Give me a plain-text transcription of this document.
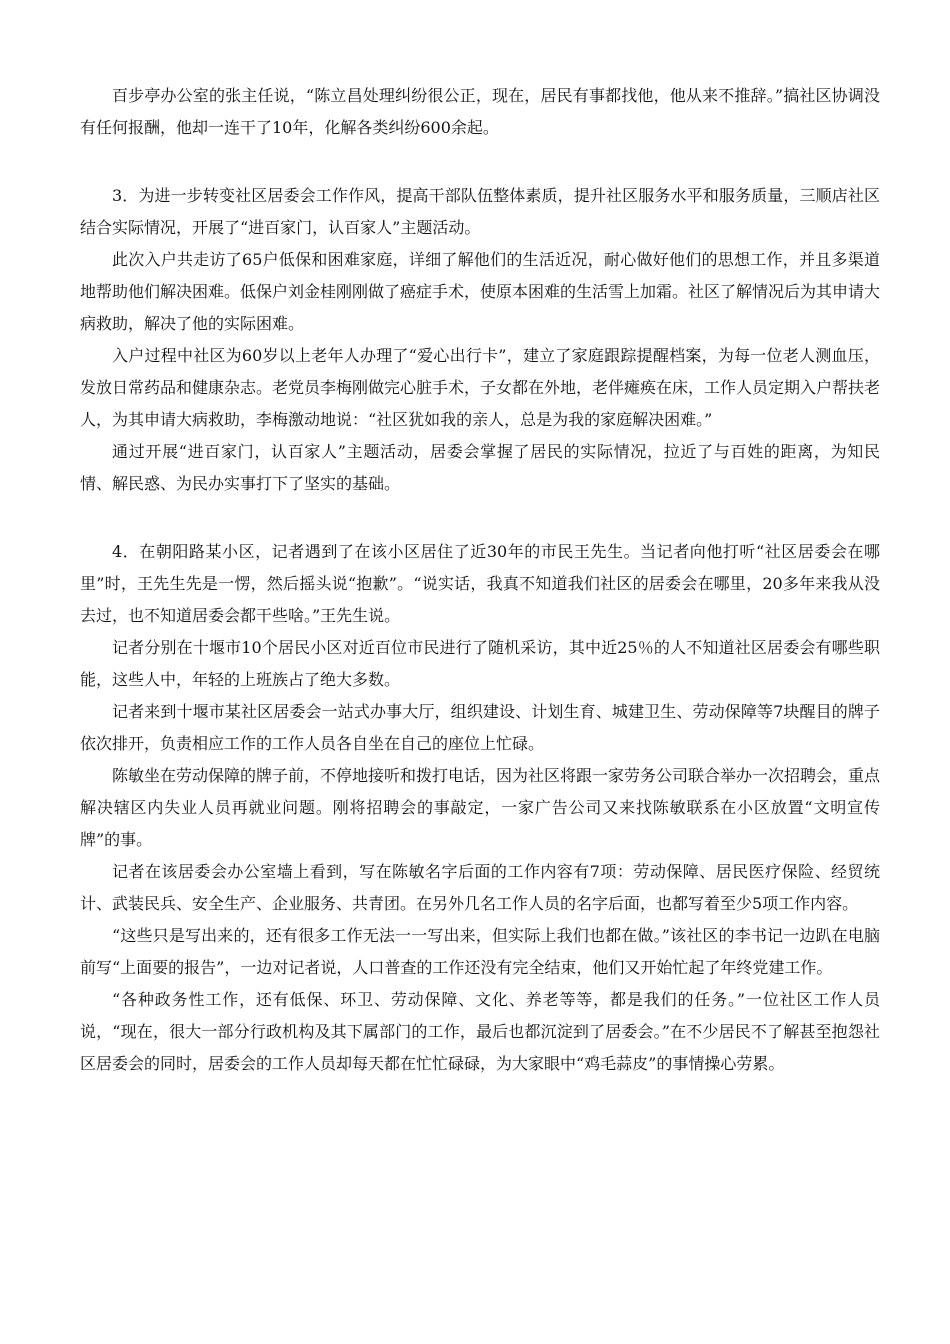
百步亭办公室的张主任说，“陈立昌处理纠纷很公正，现在，居民有事都找他，他从来不推辞。”搞社区协调没有任何报酬，他却一连干了10年，化解各类纠纷600余起。

3．为进一步转变社区居委会工作作风，提高干部队伍整体素质，提升社区服务水平和服务质量，三顺店社区结合实际情况，开展了“进百家门，认百家人”主题活动。

此次入户共走访了65户低保和困难家庭，详细了解他们的生活近况，耐心做好他们的思想工作，并且多渠道地帮助他们解决困难。低保户刘金桂刚刚做了癌症手术，使原本困难的生活雪上加霜。社区了解情况后为其申请大病救助，解决了他的实际困难。

入户过程中社区为60岁以上老年人办理了“爱心出行卡”，建立了家庭跟踪提醒档案，为每一位老人测血压，发放日常药品和健康杂志。老党员李梅刚做完心脏手术，子女都在外地，老伴瘫痪在床，工作人员定期入户帮扶老人，为其申请大病救助，李梅激动地说：“社区犹如我的亲人，总是为我的家庭解决困难。”

通过开展“进百家门，认百家人”主题活动，居委会掌握了居民的实际情况，拉近了与百姓的距离，为知民情、解民惑、为民办实事打下了坚实的基础。

4．在朝阳路某小区，记者遇到了在该小区居住了近30年的市民王先生。当记者向他打听“社区居委会在哪里”时，王先生先是一愣，然后摇头说“抱歉”。“说实话，我真不知道我们社区的居委会在哪里，20多年来我从没去过，也不知道居委会都干些啥。”王先生说。

记者分别在十堰市10个居民小区对近百位市民进行了随机采访，其中近25％的人不知道社区居委会有哪些职能，这些人中，年轻的上班族占了绝大多数。

记者来到十堰市某社区居委会一站式办事大厅，组织建设、计划生育、城建卫生、劳动保障等7块醒目的牌子依次排开，负责相应工作的工作人员各自坐在自己的座位上忙碌。

陈敏坐在劳动保障的牌子前，不停地接听和拨打电话，因为社区将跟一家劳务公司联合举办一次招聘会，重点解决辖区内失业人员再就业问题。刚将招聘会的事敲定，一家广告公司又来找陈敏联系在小区放置“文明宣传牌”的事。

记者在该居委会办公室墙上看到，写在陈敏名字后面的工作内容有7项：劳动保障、居民医疗保险、经贸统计、武装民兵、安全生产、企业服务、共青团。在另外几名工作人员的名字后面，也都写着至少5项工作内容。

“这些只是写出来的，还有很多工作无法一一写出来，但实际上我们也都在做。”该社区的李书记一边趴在电脑前写“上面要的报告”，一边对记者说，人口普查的工作还没有完全结束，他们又开始忙起了年终党建工作。

“各种政务性工作，还有低保、环卫、劳动保障、文化、养老等等，都是我们的任务。”一位社区工作人员说，“现在，很大一部分行政机构及其下属部门的工作，最后也都沉淀到了居委会。”在不少居民不了解甚至抱怨社区居委会的同时，居委会的工作人员却每天都在忙忙碌碌，为大家眼中“鸡毛蒜皮”的事情操心劳累。
